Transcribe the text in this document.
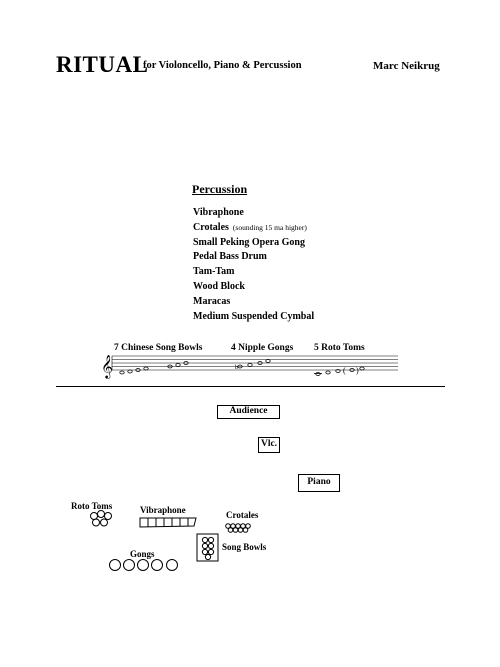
RITUAL
for Violoncello, Piano & Percussion	Marc Neikrug
Percussion
Vibraphone
Crotales (sounding 15 ma higher)
Small Peking Opera Gong
Pedal Bass Drum
Tam-Tam
Wood Block
Maracas
Medium Suspended Cymbal
7 Chinese Song Bowls	4 Nipple Gongs 5 Roto Toms
𝄞	b	( )
Audience
Vlc.
Piano
Roto Toms	Vibraphone	Crotales
Song Bowls
Gongs
